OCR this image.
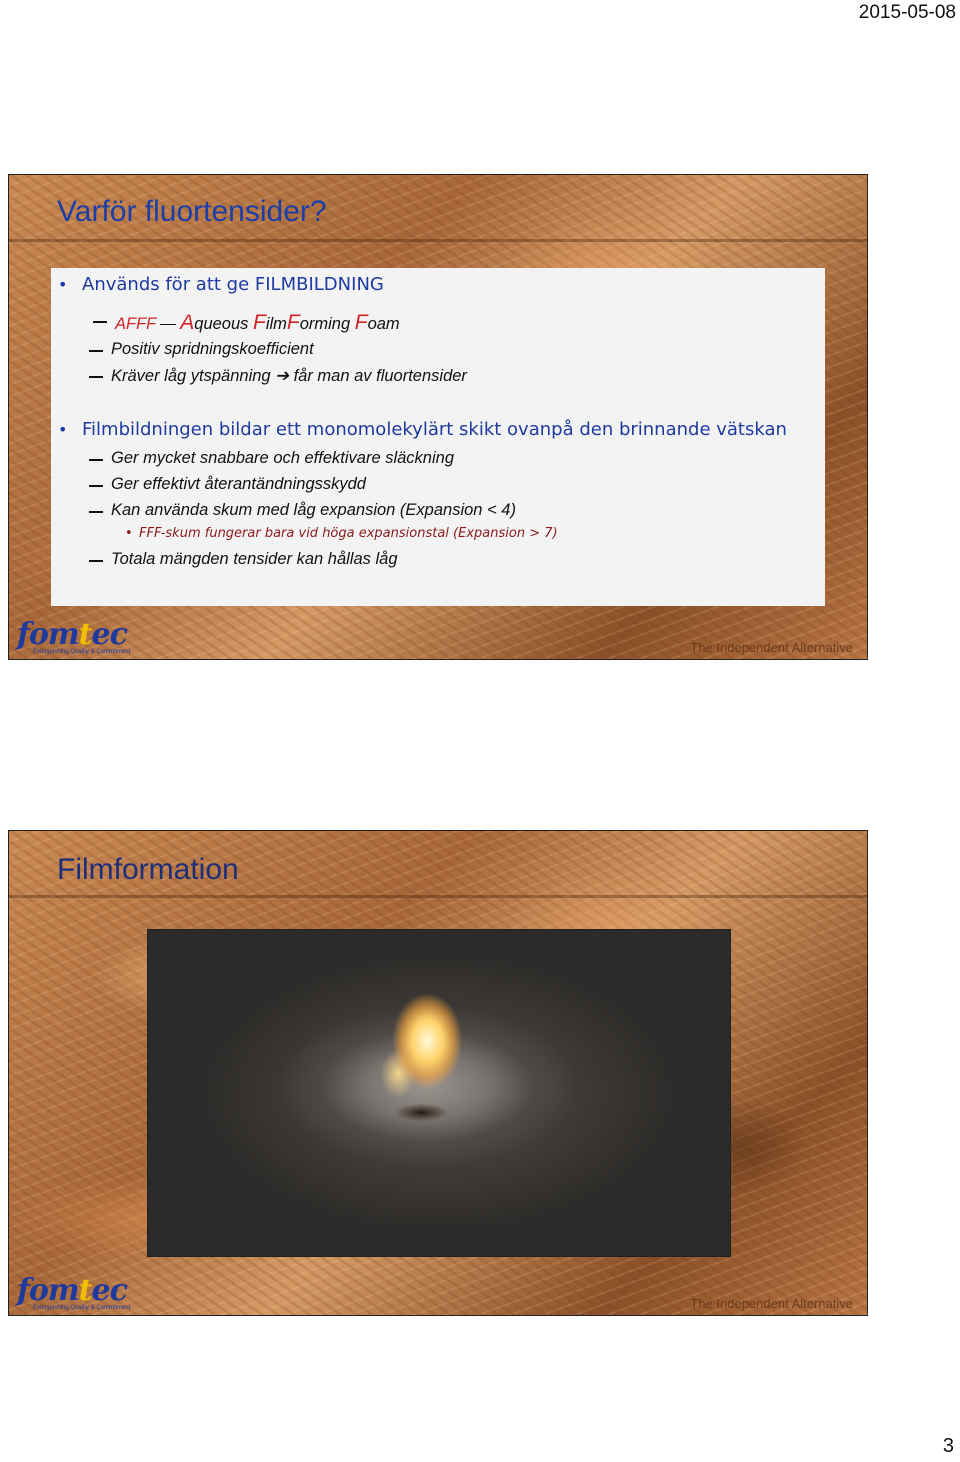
2015-05-08
Varför fluortensider?
• Används för att ge FILMBILDNING
AFFF Aqueous FilmForming Foam
Positiv spridningskoefficient
Kräver låg ytspänning ➔ får man av fluortensider
• Filmbildningen bildar ett monomolekylärt skikt ovanpå den brinnande vätskan
Ger mycket snabbare och effektivare släckning
Ger effektivt återantändningsskydd
Kan använda skum med låg expansion (Expansion < 4)
• FFF-skum fungerar bara vid höga expansionstal (Expansion > 7)
Totala mängden tensider kan hållas låg
fomtec
Extinguishing Quality & Commitment	The Independent Alternative
Filmformation
fomtec
Extinguishing Quality & Commitment	The Independent Alternative
3
